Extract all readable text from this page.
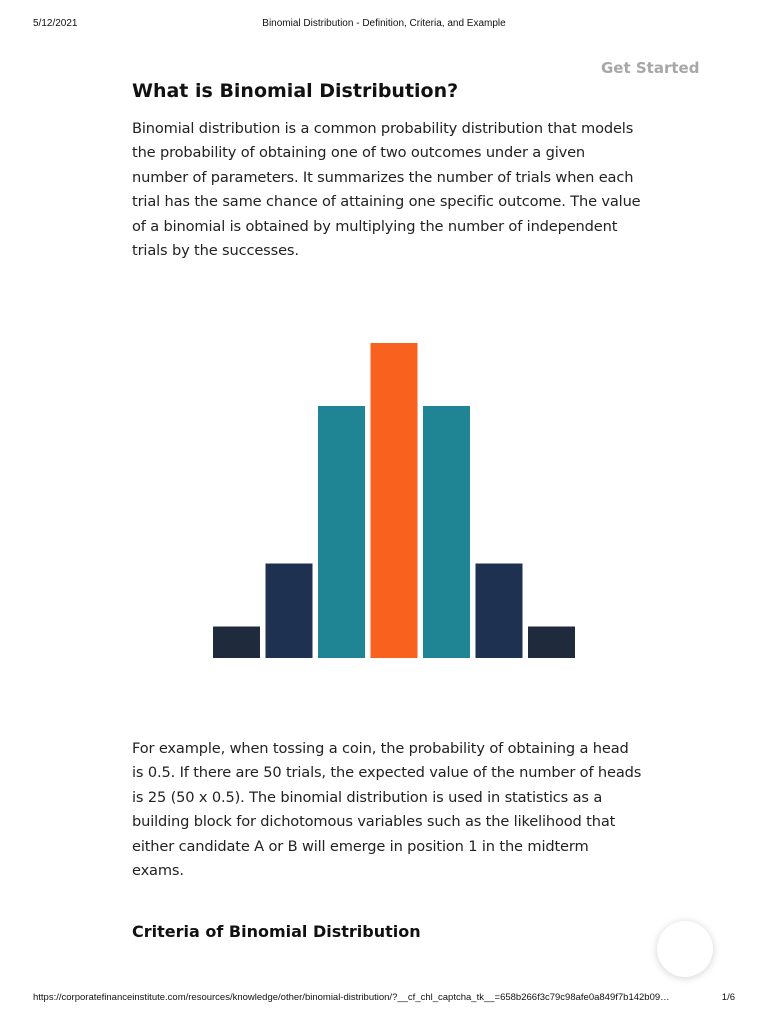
5/12/2021	Binomial Distribution - Definition, Criteria, and Example
Get Started
What is Binomial Distribution?

Binomial distribution is a common probability distribution that models the probability of obtaining one of two outcomes under a given number of parameters. It summarizes the number of trials when each trial has the same chance of attaining one specific outcome. The value of a binomial is obtained by multiplying the number of independent trials by the successes.

For example, when tossing a coin, the probability of obtaining a head is 0.5. If there are 50 trials, the expected value of the number of heads is 25 (50 x 0.5). The binomial distribution is used in statistics as a building block for dichotomous variables such as the likelihood that either candidate A or B will emerge in position 1 in the midterm exams.

Criteria of Binomial Distribution
https://corporatefinanceinstitute.com/resources/knowledge/other/binomial-distribution/?__cf_chl_captcha_tk__=658b266f3c79c98afe0a849f7b142b09…	1/6
